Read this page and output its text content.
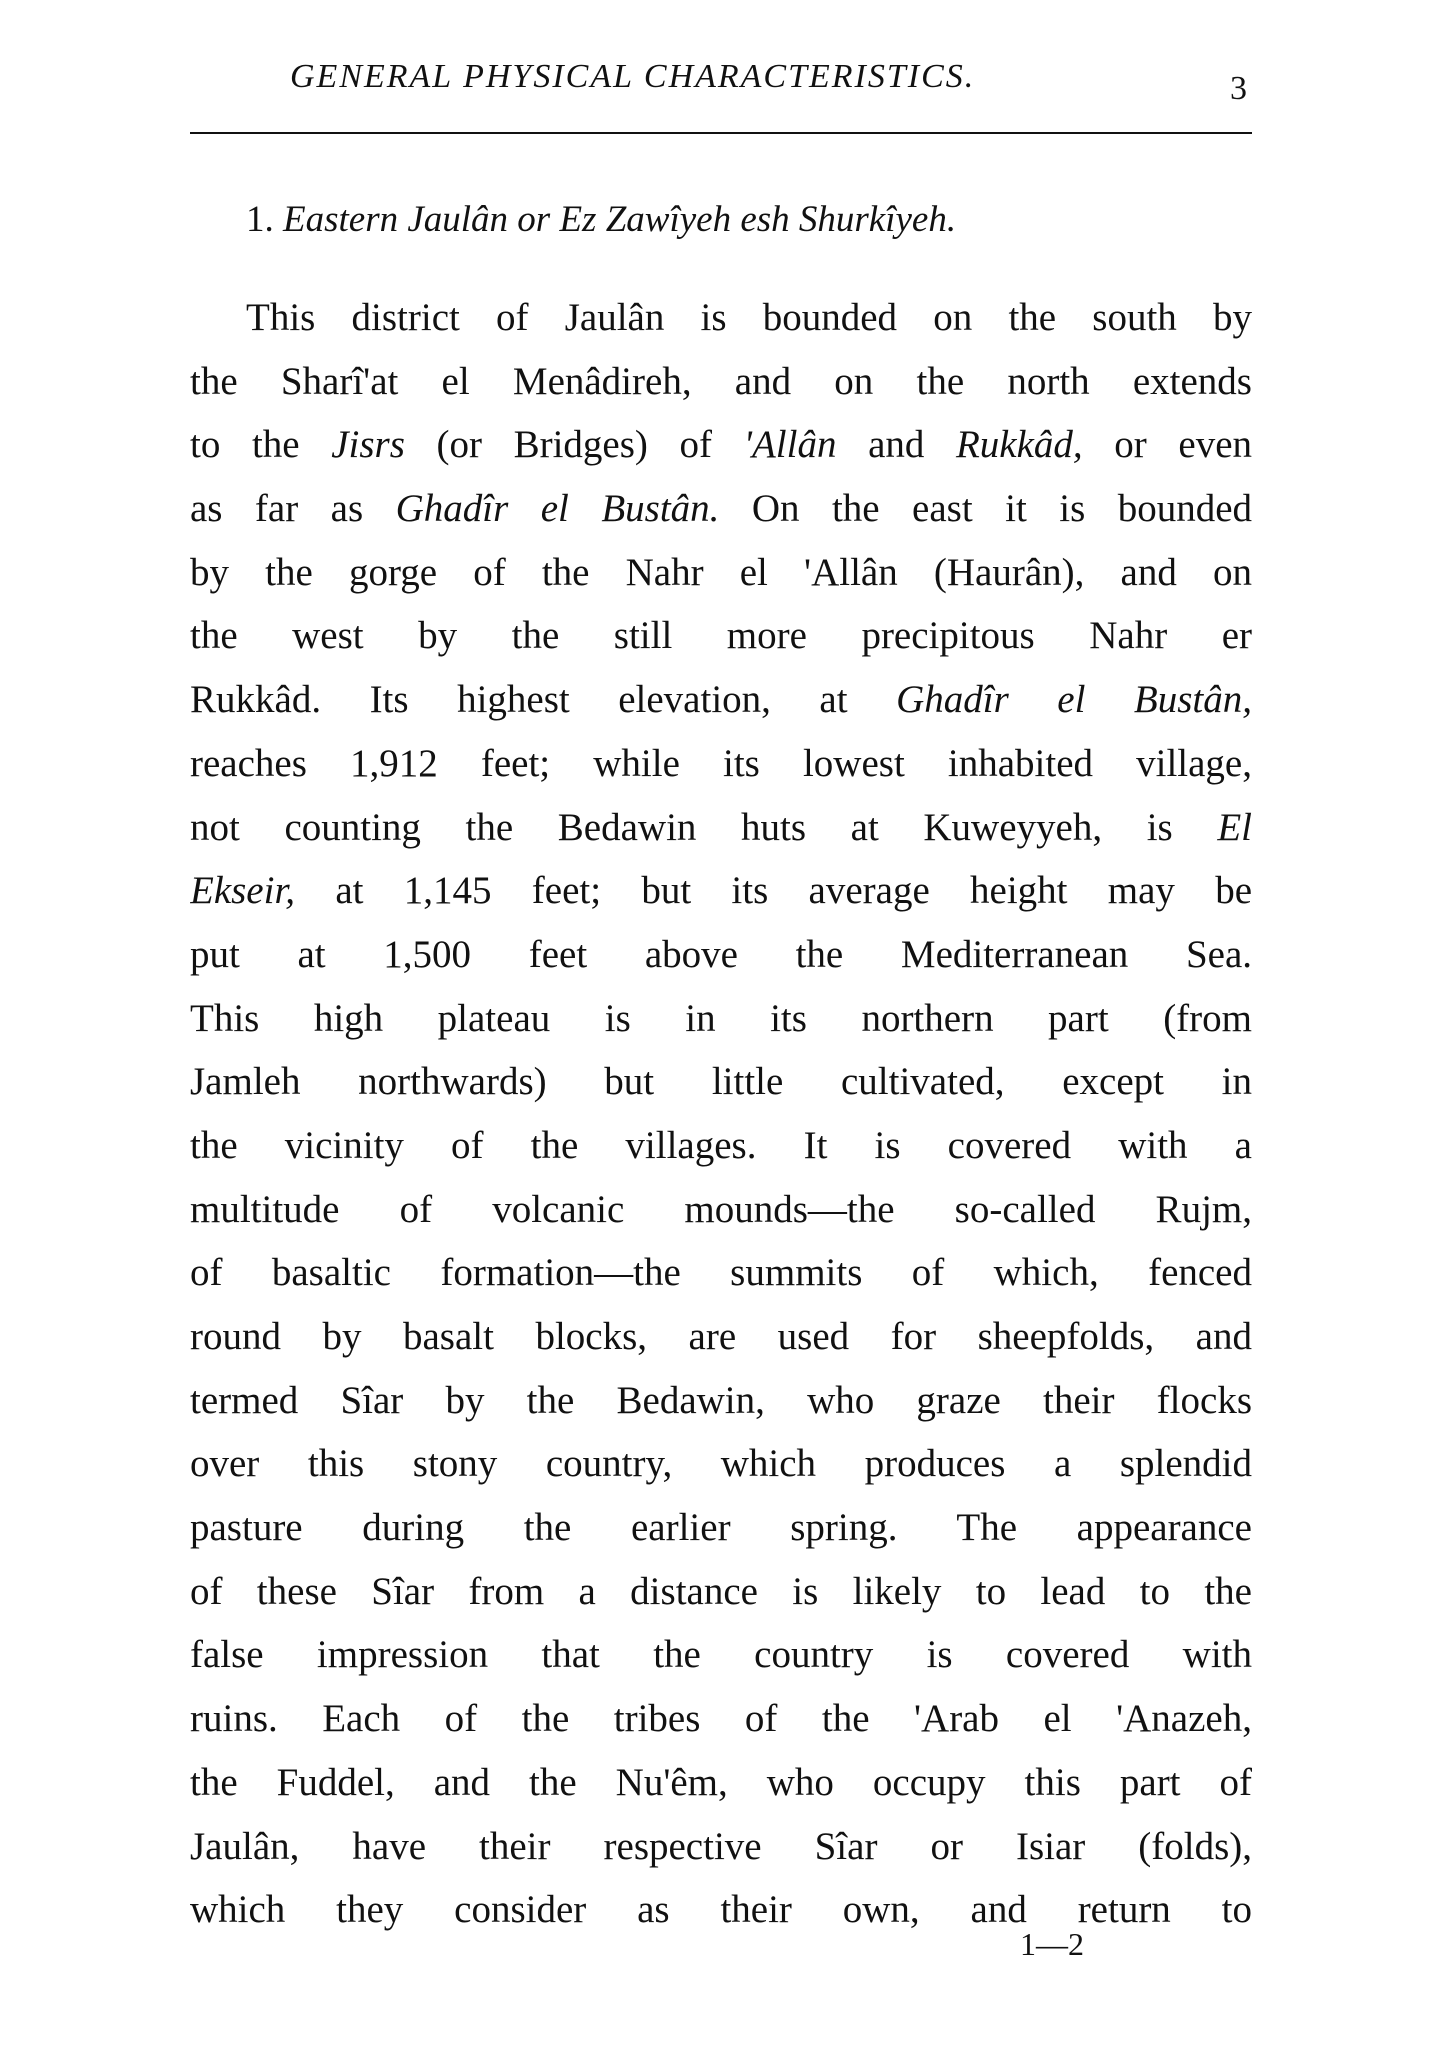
GENERAL PHYSICAL CHARACTERISTICS.	3
1. Eastern Jaulân or Ez Zawîyeh esh Shurkîyeh.
This district of Jaulân is bounded on the south by
the Sharî'at el Menâdireh, and on the north extends
to the Jisrs (or Bridges) of 'Allân and Rukkâd, or even
as far as Ghadîr el Bustân. On the east it is bounded
by the gorge of the Nahr el 'Allân (Haurân), and on
the west by the still more precipitous Nahr er
Rukkâd. Its highest elevation, at Ghadîr el Bustân,
reaches 1,912 feet; while its lowest inhabited village,
not counting the Bedawin huts at Kuweyyeh, is El
Ekseir, at 1,145 feet; but its average height may be
put at 1,500 feet above the Mediterranean Sea.
This high plateau is in its northern part (from
Jamleh northwards) but little cultivated, except in
the vicinity of the villages. It is covered with a
multitude of volcanic mounds—the so-called Rujm,
of basaltic formation—the summits of which, fenced
round by basalt blocks, are used for sheepfolds, and
termed Sîar by the Bedawin, who graze their flocks
over this stony country, which produces a splendid
pasture during the earlier spring. The appearance
of these Sîar from a distance is likely to lead to the
false impression that the country is covered with
ruins. Each of the tribes of the 'Arab el 'Anazeh,
the Fuddel, and the Nu'êm, who occupy this part of
Jaulân, have their respective Sîar or Isiar (folds),
which they consider as their own, and return to
1—2
